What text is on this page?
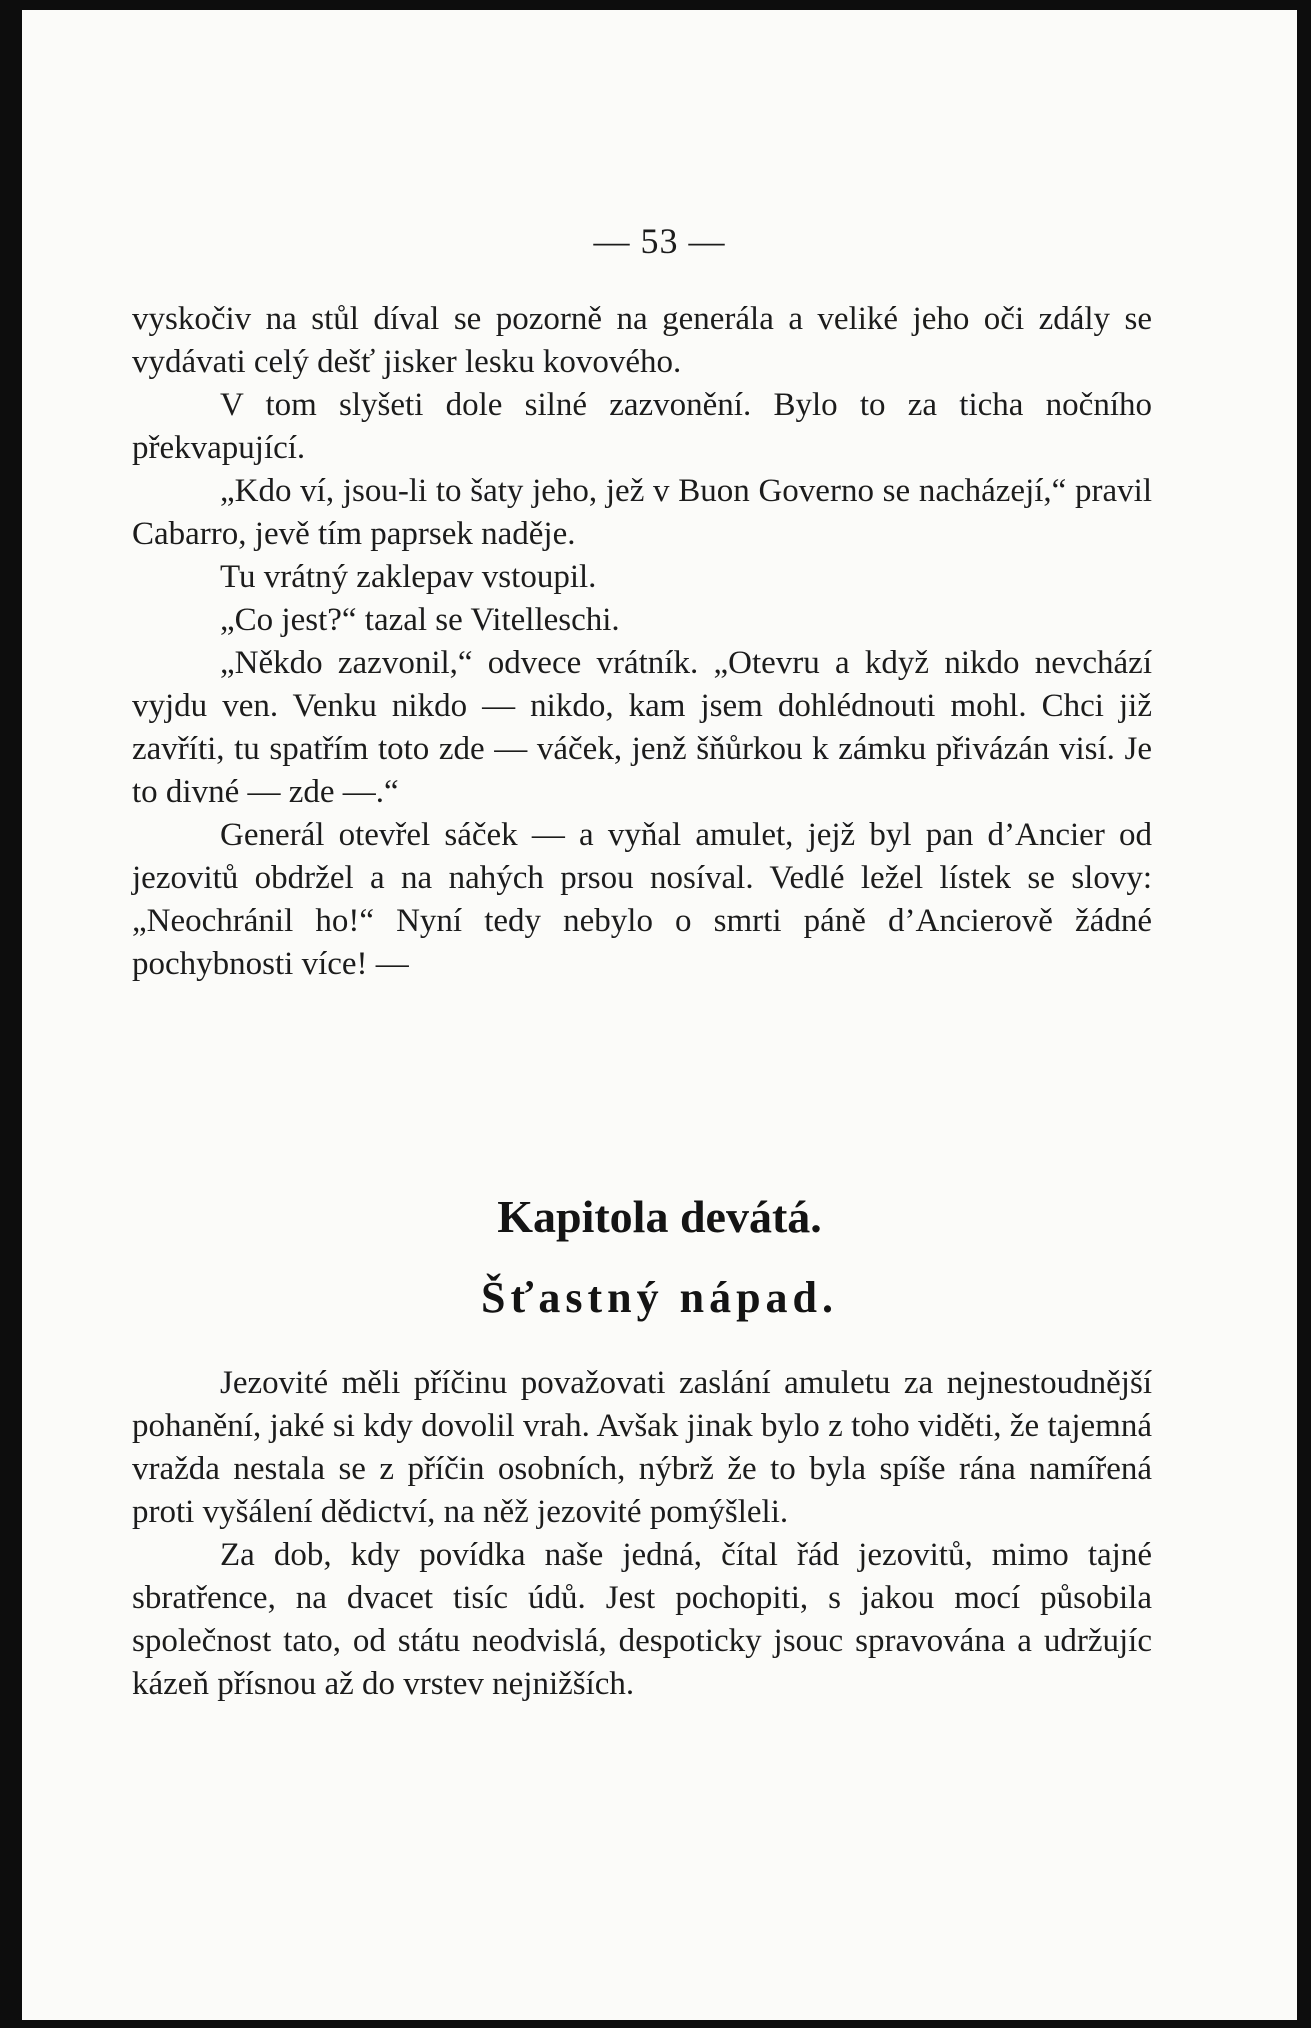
— 53 —

vyskočiv na stůl díval se pozorně na generála a veliké jeho oči zdály se vydávati celý dešť jisker lesku kovového.

V tom slyšeti dole silné zazvonění. Bylo to za ticha nočního překvapující.

„Kdo ví, jsou-li to šaty jeho, jež v Buon Governo se nacházejí,“ pravil Cabarro, jevě tím paprsek naděje.

Tu vrátný zaklepav vstoupil.

„Co jest?“ tazal se Vitelleschi.

„Někdo zazvonil,“ odvece vrátník. „Otevru a když nikdo nevchází vyjdu ven. Venku nikdo — nikdo, kam jsem dohlédnouti mohl. Chci již zavříti, tu spatřím toto zde — váček, jenž šňůrkou k zámku přivázán visí. Je to divné — zde —.“

Generál otevřel sáček — a vyňal amulet, jejž byl pan d’Ancier od jezovitů obdržel a na nahých prsou nosíval. Vedlé ležel lístek se slovy: „Neochránil ho!“ Nyní tedy nebylo o smrti páně d’Ancierově žádné pochybnosti více! —

Kapitola devátá.
Šťastný nápad.

Jezovité měli příčinu považovati zaslání amuletu za nejnestoudnější pohanění, jaké si kdy dovolil vrah. Avšak jinak bylo z toho viděti, že tajemná vražda nestala se z příčin osobních, nýbrž že to byla spíše rána namířená proti vyšálení dědictví, na něž jezovité pomýšleli.

Za dob, kdy povídka naše jedná, čítal řád jezovitů, mimo tajné sbratřence, na dvacet tisíc údů. Jest pochopiti, s jakou mocí působila společnost tato, od státu neodvislá, despoticky jsouc spravována a udržujíc kázeň přísnou až do vrstev nejnižších.
